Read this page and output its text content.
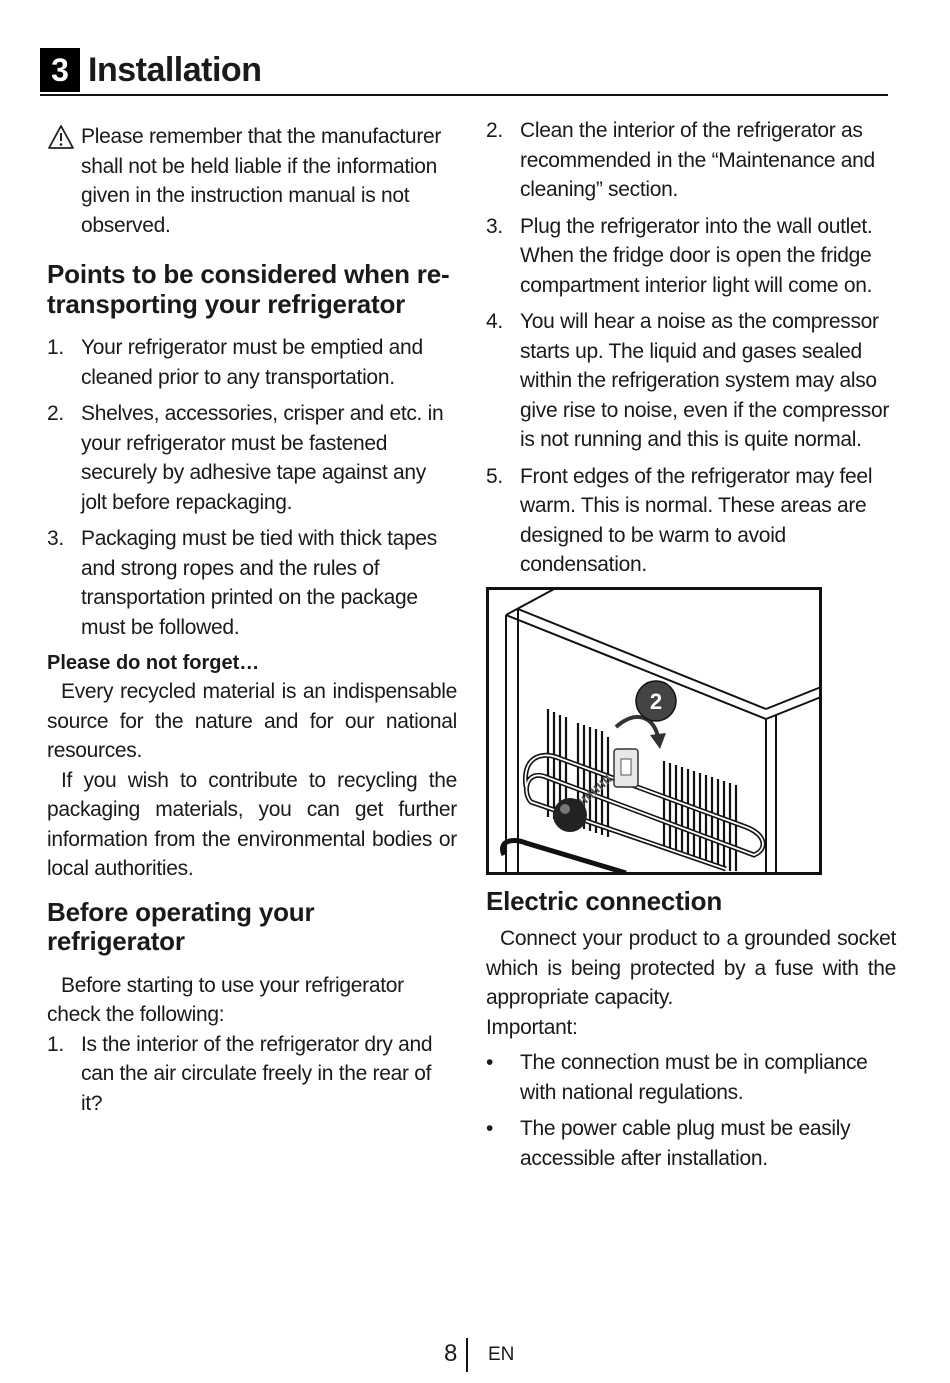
3 Installation
Please remember that the manufacturer shall not be held liable if the information given in the instruction manual is not observed.
Points to be considered when re-transporting your refrigerator
1. Your refrigerator must be emptied and cleaned prior to any transportation.
2. Shelves, accessories, crisper and etc. in your refrigerator must be fastened securely by adhesive tape against any jolt before repackaging.
3. Packaging must be tied with thick tapes and strong ropes and the rules of transportation printed on the package must be followed.
Please do not forget…

Every recycled material is an indispensable source for the nature and for our national resources.

If you wish to contribute to recycling the packaging materials, you can get further information from the environmental bodies or local authorities.

Before operating your refrigerator

Before starting to use your refrigerator check the following:

1. Is the interior of the refrigerator dry and can the air circulate freely in the rear of it?
2. Clean the interior of the refrigerator as recommended in the “Maintenance and cleaning” section.
3. Plug the refrigerator into the wall outlet. When the fridge door is open the fridge compartment interior light will come on.
4. You will hear a noise as the compressor starts up. The liquid and gases sealed within the refrigeration system may also give rise to noise, even if the compressor is not running and this is quite normal.
5. Front edges of the refrigerator may feel warm. This is normal. These areas are designed to be warm to avoid condensation.
2
Electric connection

Connect your product to a grounded socket which is being protected by a fuse with the appropriate capacity.

Important:

• The connection must be in compliance with national regulations.
• The power cable plug must be easily accessible after installation.
8 EN
